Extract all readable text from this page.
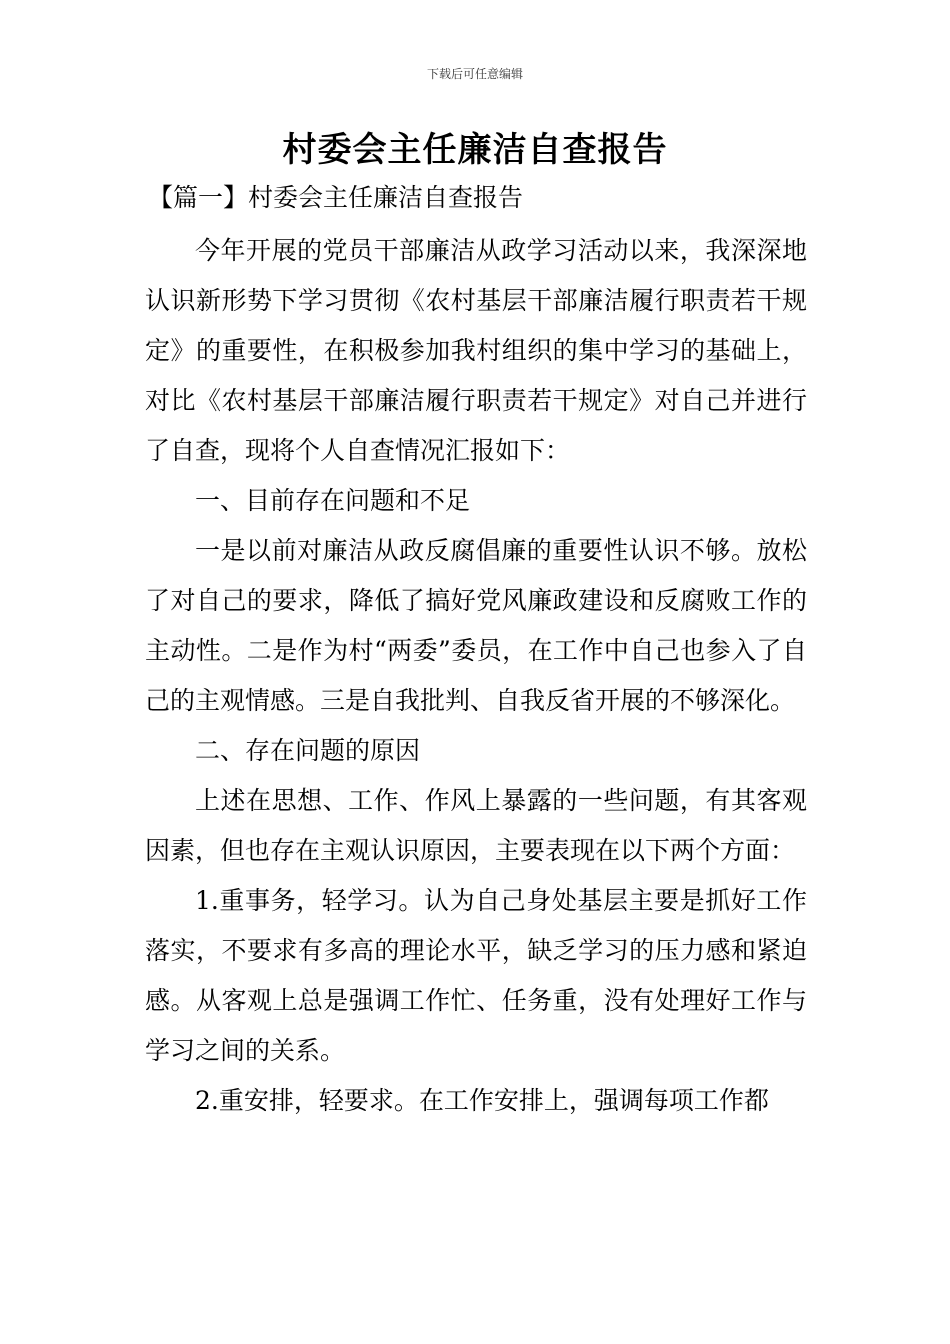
下载后可任意编辑
村委会主任廉洁自查报告
【篇一】村委会主任廉洁自查报告

今年开展的党员干部廉洁从政学习活动以来，我深深地认识新形势下学习贯彻《农村基层干部廉洁履行职责若干规定》的重要性，在积极参加我村组织的集中学习的基础上，对比《农村基层干部廉洁履行职责若干规定》对自己并进行了自查，现将个人自查情况汇报如下：

一、目前存在问题和不足

一是以前对廉洁从政反腐倡廉的重要性认识不够。放松了对自己的要求，降低了搞好党风廉政建设和反腐败工作的主动性。二是作为村“两委”委员，在工作中自己也参入了自己的主观情感。三是自我批判、自我反省开展的不够深化。

二、存在问题的原因

上述在思想、工作、作风上暴露的一些问题，有其客观因素，但也存在主观认识原因，主要表现在以下两个方面：

1.重事务，轻学习。认为自己身处基层主要是抓好工作落实，不要求有多高的理论水平，缺乏学习的压力感和紧迫感。从客观上总是强调工作忙、任务重，没有处理好工作与学习之间的关系。

2.重安排，轻要求。在工作安排上，强调每项工作都
